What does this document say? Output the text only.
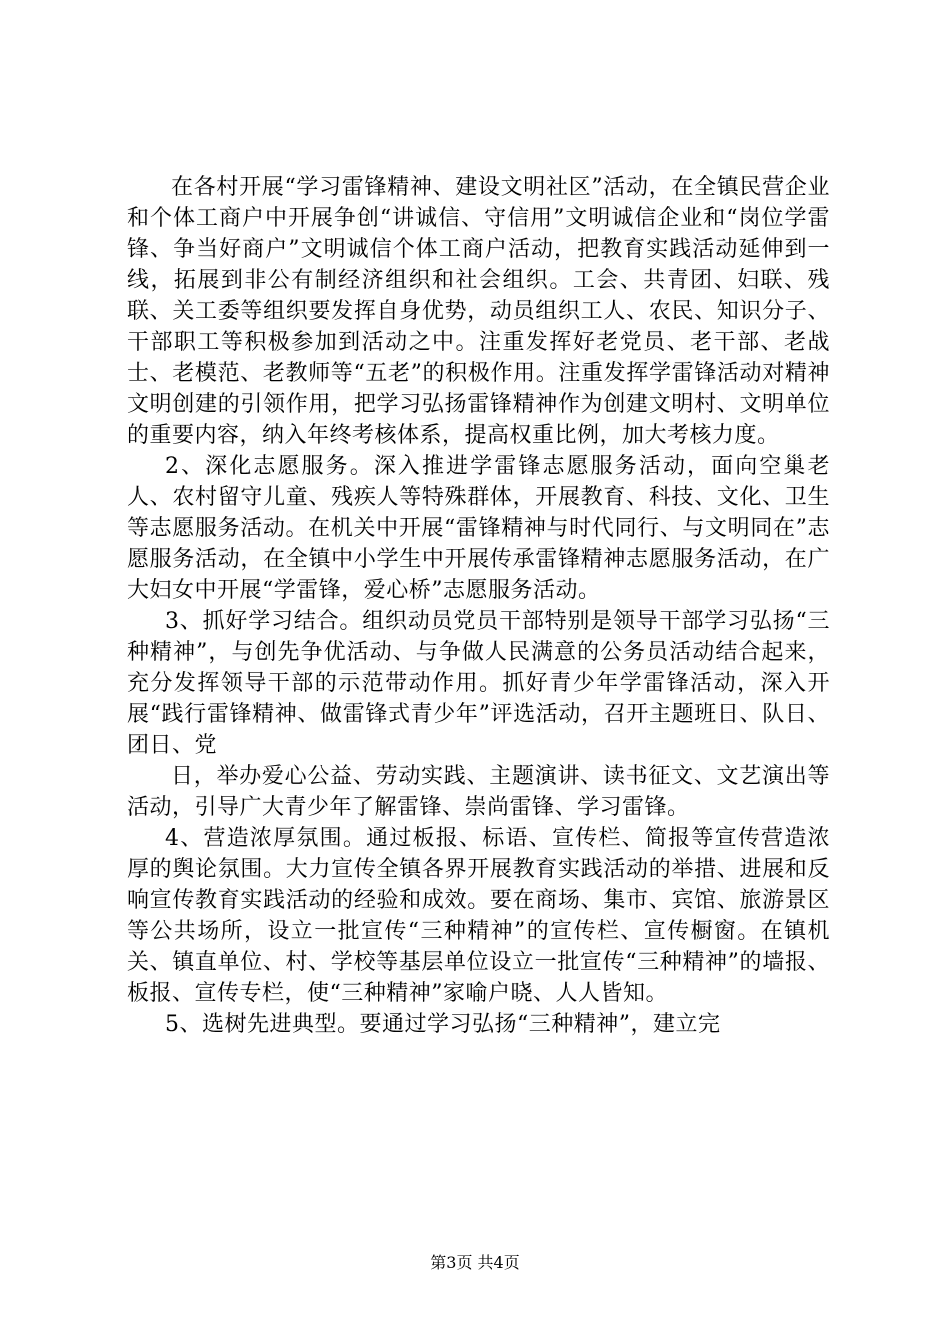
在各村开展“学习雷锋精神、建设文明社区”活动，在全镇民营企业和个体工商户中开展争创“讲诚信、守信用”文明诚信企业和“岗位学雷锋、争当好商户”文明诚信个体工商户活动，把教育实践活动延伸到一线，拓展到非公有制经济组织和社会组织。工会、共青团、妇联、残联、关工委等组织要发挥自身优势，动员组织工人、农民、知识分子、干部职工等积极参加到活动之中。注重发挥好老党员、老干部、老战士、老模范、老教师等“五老”的积极作用。注重发挥学雷锋活动对精神文明创建的引领作用，把学习弘扬雷锋精神作为创建文明村、文明单位的重要内容，纳入年终考核体系，提高权重比例，加大考核力度。

2、深化志愿服务。深入推进学雷锋志愿服务活动，面向空巢老人、农村留守儿童、残疾人等特殊群体，开展教育、科技、文化、卫生等志愿服务活动。在机关中开展“雷锋精神与时代同行、与文明同在”志愿服务活动，在全镇中小学生中开展传承雷锋精神志愿服务活动，在广大妇女中开展“学雷锋，爱心桥”志愿服务活动。

3、抓好学习结合。组织动员党员干部特别是领导干部学习弘扬“三种精神”，与创先争优活动、与争做人民满意的公务员活动结合起来，充分发挥领导干部的示范带动作用。抓好青少年学雷锋活动，深入开展“践行雷锋精神、做雷锋式青少年”评选活动，召开主题班日、队日、团日、党

日，举办爱心公益、劳动实践、主题演讲、读书征文、文艺演出等活动，引导广大青少年了解雷锋、崇尚雷锋、学习雷锋。

4、营造浓厚氛围。通过板报、标语、宣传栏、简报等宣传营造浓厚的舆论氛围。大力宣传全镇各界开展教育实践活动的举措、进展和反响宣传教育实践活动的经验和成效。要在商场、集市、宾馆、旅游景区等公共场所，设立一批宣传“三种精神”的宣传栏、宣传橱窗。在镇机关、镇直单位、村、学校等基层单位设立一批宣传“三种精神”的墙报、板报、宣传专栏，使“三种精神”家喻户晓、人人皆知。

5、选树先进典型。要通过学习弘扬“三种精神”，建立完

第3页 共4页
